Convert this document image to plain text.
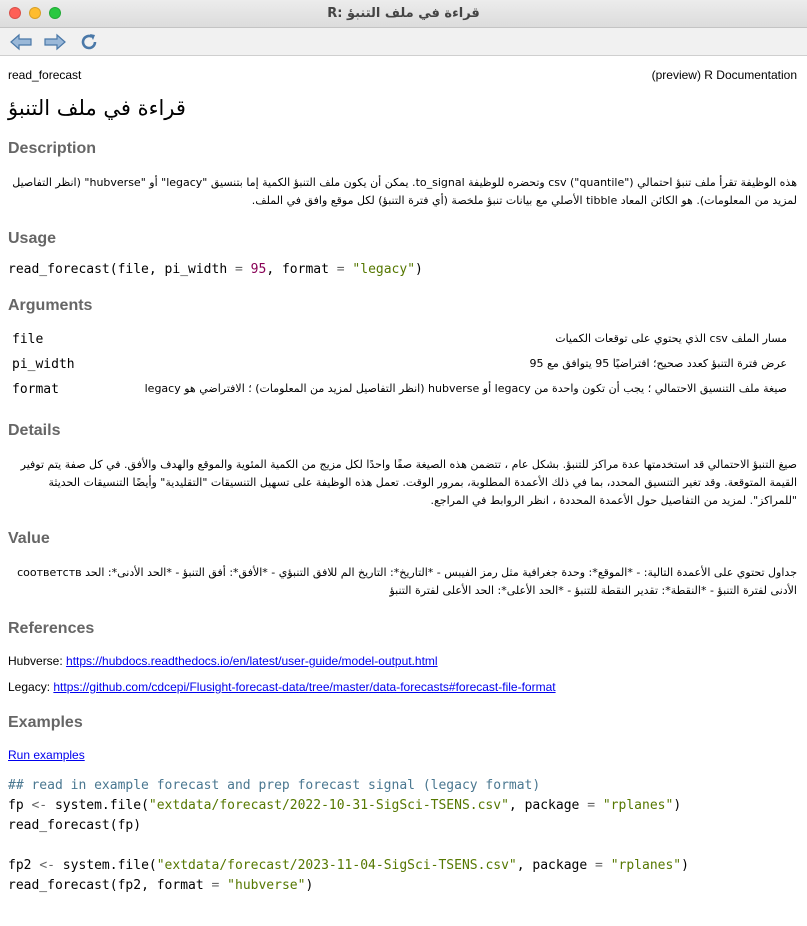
R: قراءة في ملف التنبؤ
read_forecast	(preview) R Documentation
قراءة في ملف التنبؤ
Description

هذه الوظيفة تقرأ ملف تنبؤ احتمالي ("quantile") csv وتحضره للوظيفة to_signal. يمكن أن يكون ملف التنبؤ الكمية إما بتنسيق "legacy" أو "hubverse" (انظر التفاصيل لمزيد من المعلومات). هو الكائن المعاد tibble الأصلي مع بيانات تنبؤ ملخصة (أي فترة التنبؤ) لكل موقع وافق في الملف.

Usage
read_forecast(file, pi_width = 95, format = "legacy")
Arguments
file	مسار الملف csv الذي يحتوي على توقعات الكميات
pi_width	عرض فترة التنبؤ كعدد صحيح؛ افتراضيًا 95 يتوافق مع 95
format	صيغة ملف التنسيق الاحتمالي ؛ يجب أن تكون واحدة من legacy أو hubverse (انظر التفاصيل لمزيد من المعلومات) ؛ الافتراضي هو legacy
Details

صيغ التنبؤ الاحتمالي قد استخدمتها عدة مراكز للتنبؤ. بشكل عام ، تتضمن هذه الصيغة صفًا واحدًا لكل مزيج من الكمية المئوية والموقع والهدف والأفق. في كل صفة يتم توفير القيمة المتوقعة. وقد تغير التنسيق المحدد، بما في ذلك الأعمدة المطلوبة، بمرور الوقت. تعمل هذه الوظيفة على تسهيل التنسيقات "التقليدية" وأيضًا التنسيقات الحديثة "للمراكز". لمزيد من التفاصيل حول الأعمدة المحددة ، انظر الروابط في المراجع.

Value

соответств جداول تحتوي على الأعمدة التالية: - *الموقع*: وحدة جغرافية مثل رمز الفيبس - *التاريخ*: التاريخ الم للافق التنبؤي - *الأفق*: أفق التنبؤ - *الحد الأدنى*: الحد الأدنى لفترة التنبؤ - *النقطة*: تقدير النقطة للتنبؤ - *الحد الأعلى*: الحد الأعلى لفترة التنبؤ

References

Hubverse: https://hubdocs.readthedocs.io/en/latest/user-guide/model-output.html

Legacy: https://github.com/cdcepi/Flusight-forecast-data/tree/master/data-forecasts#forecast-file-format

Examples
Run examples
## read in example forecast and prep forecast signal (legacy format)
fp <- system.file("extdata/forecast/2022-10-31-SigSci-TSENS.csv", package = "rplanes")
read_forecast(fp)

fp2 <- system.file("extdata/forecast/2023-11-04-SigSci-TSENS.csv", package = "rplanes")
read_forecast(fp2, format = "hubverse")
